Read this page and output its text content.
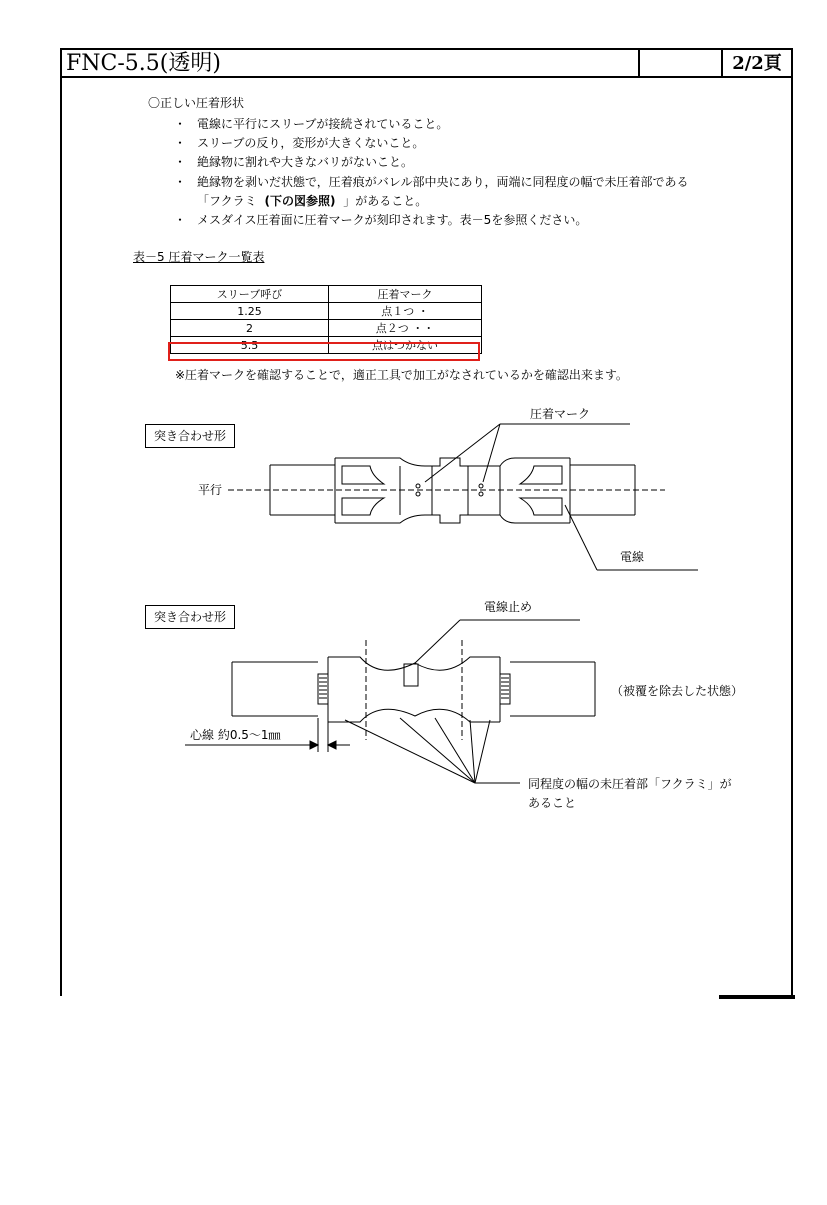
FNC-5.5(透明)	2/2頁
〇正しい圧着形状
・ 電線に平行にスリーブが接続されていること。
・ スリーブの反り，変形が大きくないこと。
・ 絶縁物に割れや大きなバリがないこと。
・ 絶縁物を剥いだ状態で，圧着痕がバレル部中央にあり，両端に同程度の幅で未圧着部である
「フクラミ (下の図参照) 」があること。
・ メスダイス圧着面に圧着マークが刻印されます。表－5を参照ください。
表－5 圧着マーク一覧表
スリーブ呼び	圧着マーク
1.25	点１つ ・
2	点２つ ・・
5.5	点はつかない
※圧着マークを確認することで，適正工具で加工がなされているかを確認出来ます。
突き合わせ形
圧着マーク
平行
電線
突き合わせ形
電線止め
（被覆を除去した状態）
心線 約0.5～1㎜
同程度の幅の未圧着部「フクラミ」が
あること
